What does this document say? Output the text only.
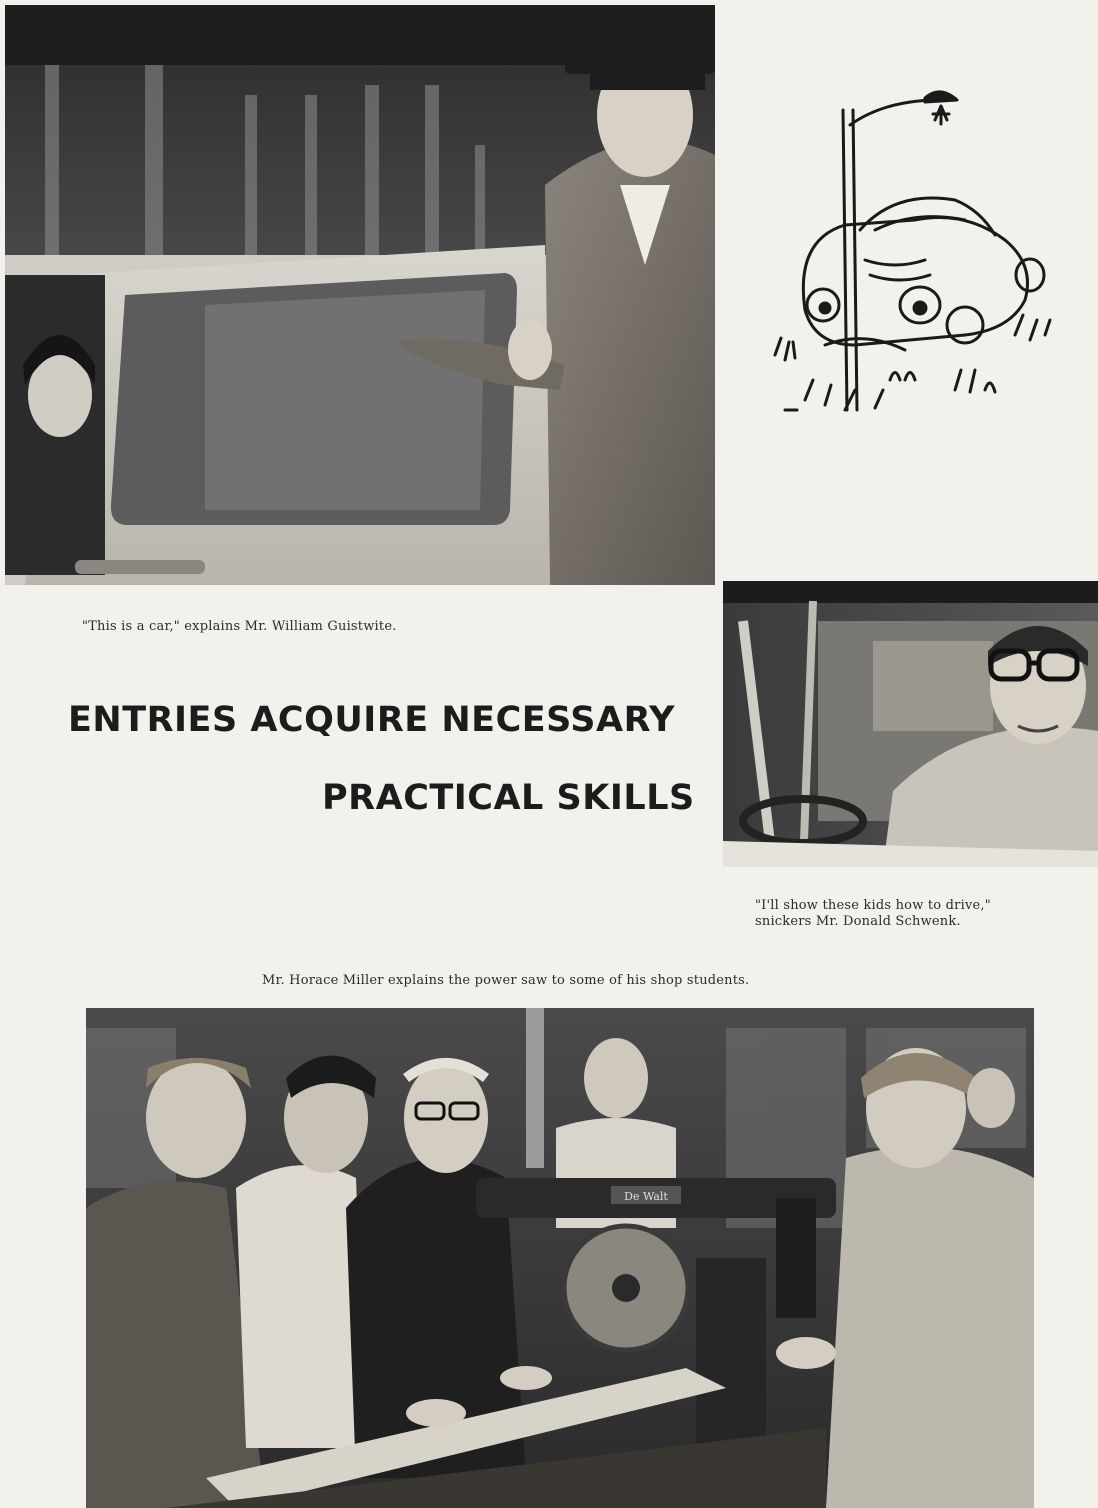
"This is a car," explains Mr. William Guistwite.

ENTRIES ACQUIRE NECESSARY
PRACTICAL SKILLS

"I'll show these kids how to drive,"

snickers Mr. Donald Schwenk.

Mr. Horace Miller explains the power saw to some of his shop students.

De Walt
